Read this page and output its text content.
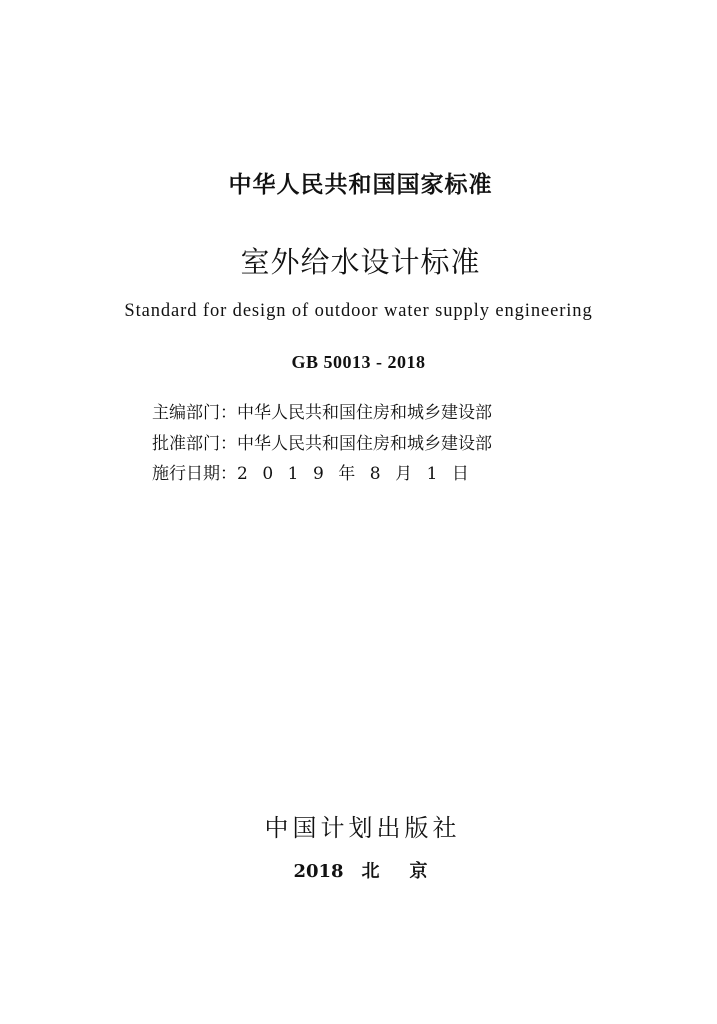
中华人民共和国国家标准
室外给水设计标准
Standard for design of outdoor water supply engineering
GB 50013 - 2018
主编部门：中华人民共和国住房和城乡建设部
批准部门：中华人民共和国住房和城乡建设部
施行日期：2019年8月1日
中国计划出版社
2018 北 京
